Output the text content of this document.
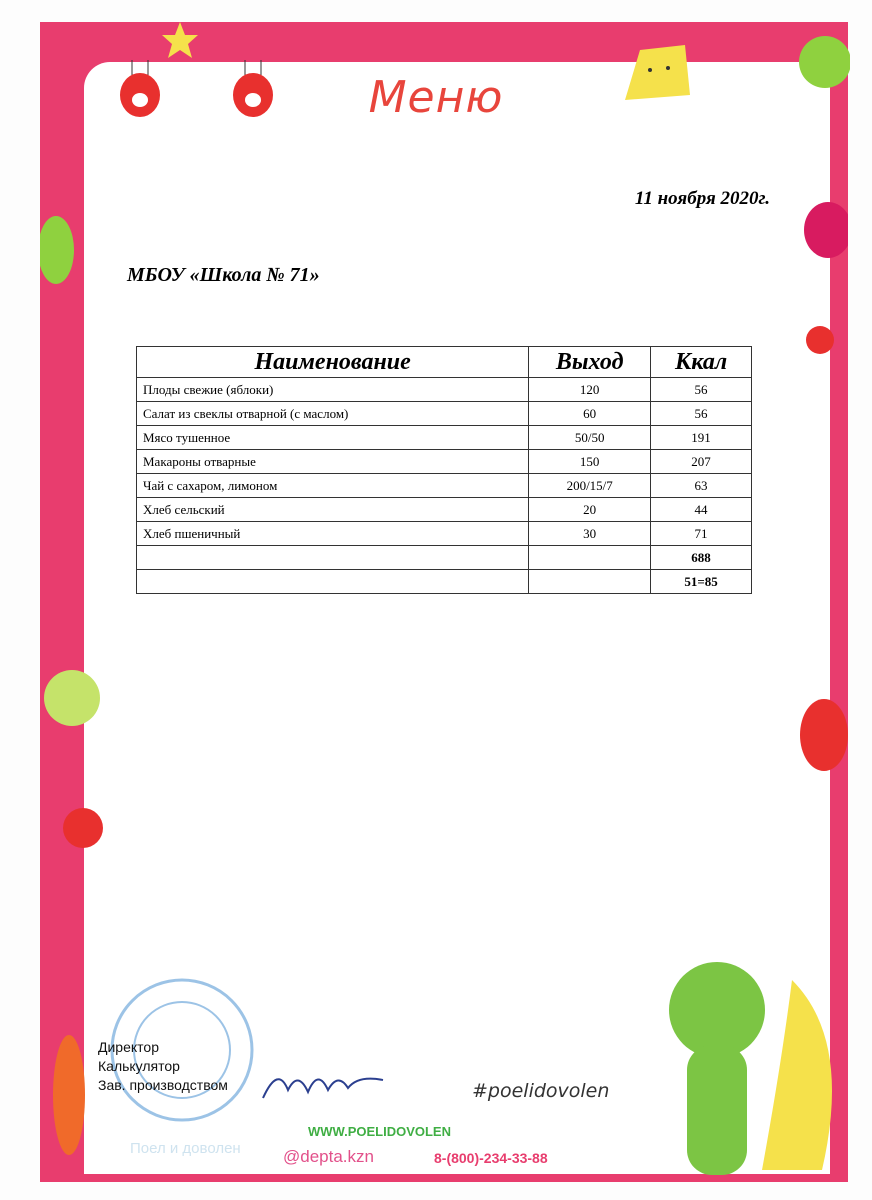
Меню
11 ноября 2020г.
МБОУ «Школа № 71»
Наименование	Выход	Ккал
Плоды свежие (яблоки)	120	56
Салат из свеклы отварной (с маслом)	60	56
Мясо тушенное	50/50	191
Макароны отварные	150	207
Чай с сахаром, лимоном	200/15/7	63
Хлеб сельский	20	44
Хлеб пшеничный	30	71
		688
		51=85
Директор
Калькулятор
Зав. производством	#poelidovolen
Поел и доволен
WWW.POELIDOVOLEN
@depta.kzn	8-(800)-234-33-88
